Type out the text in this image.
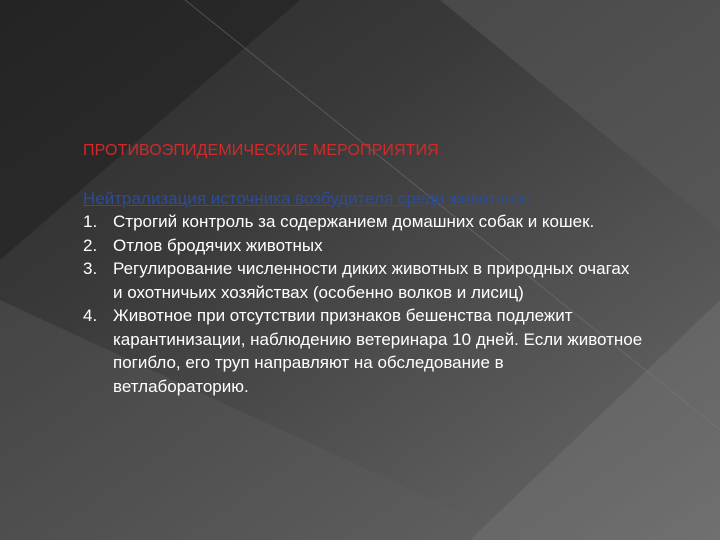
ПРОТИВОЭПИДЕМИЧЕСКИЕ МЕРОПРИЯТИЯ

Нейтрализация источника возбудителя среди животных:

1. Строгий контроль за содержанием домашних собак и кошек.
2. Отлов бродячих животных
3. Регулирование численности диких животных в природных очагах и охотничьих хозяйствах (особенно волков и лисиц)
4. Животное при отсутствии признаков бешенства подлежит карантинизации, наблюдению ветеринара 10 дней. Если животное погибло, его труп направляют на обследование в ветлабораторию.
